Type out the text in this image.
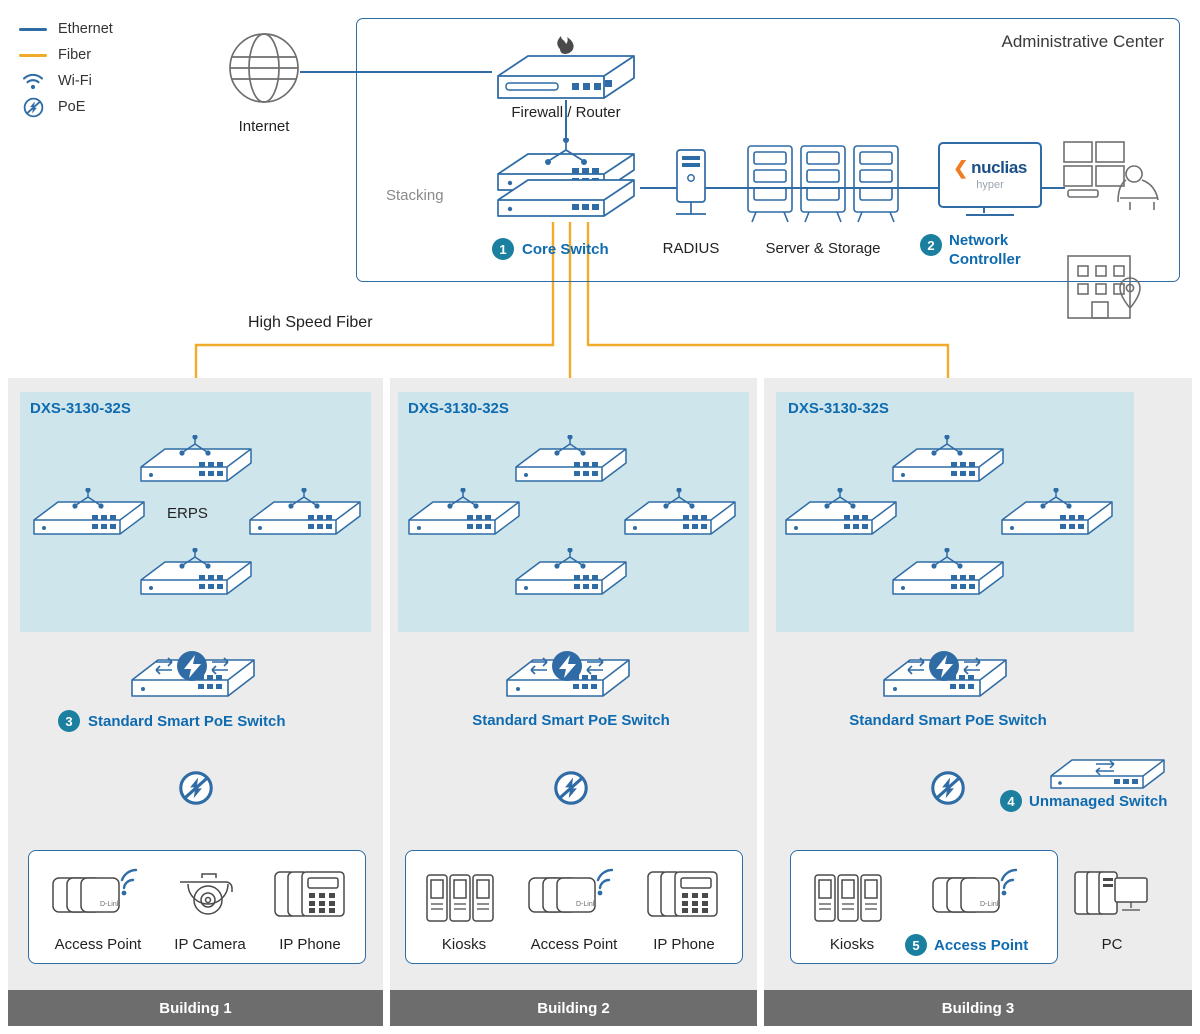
Ethernet
Fiber
Wi-Fi
PoE
Administrative Center
Internet
Firewall / Router
Stacking
1	Core Switch	RADIUS	Server & Storage
❮ nuclias
hyper
2 Network Controller
High Speed Fiber
DXS-3130-32S
ERPS
3	Standard Smart PoE Switch
D-Link
Access Point	IP Camera	IP Phone
Building 1
DXS-3130-32S
Standard Smart PoE Switch
Kiosks
D-Link
Access Point	IP Phone
Building 2
DXS-3130-32S
Standard Smart PoE Switch
4 Unmanaged Switch
Kiosks
D-Link
5 Access Point	PC
Building 3
